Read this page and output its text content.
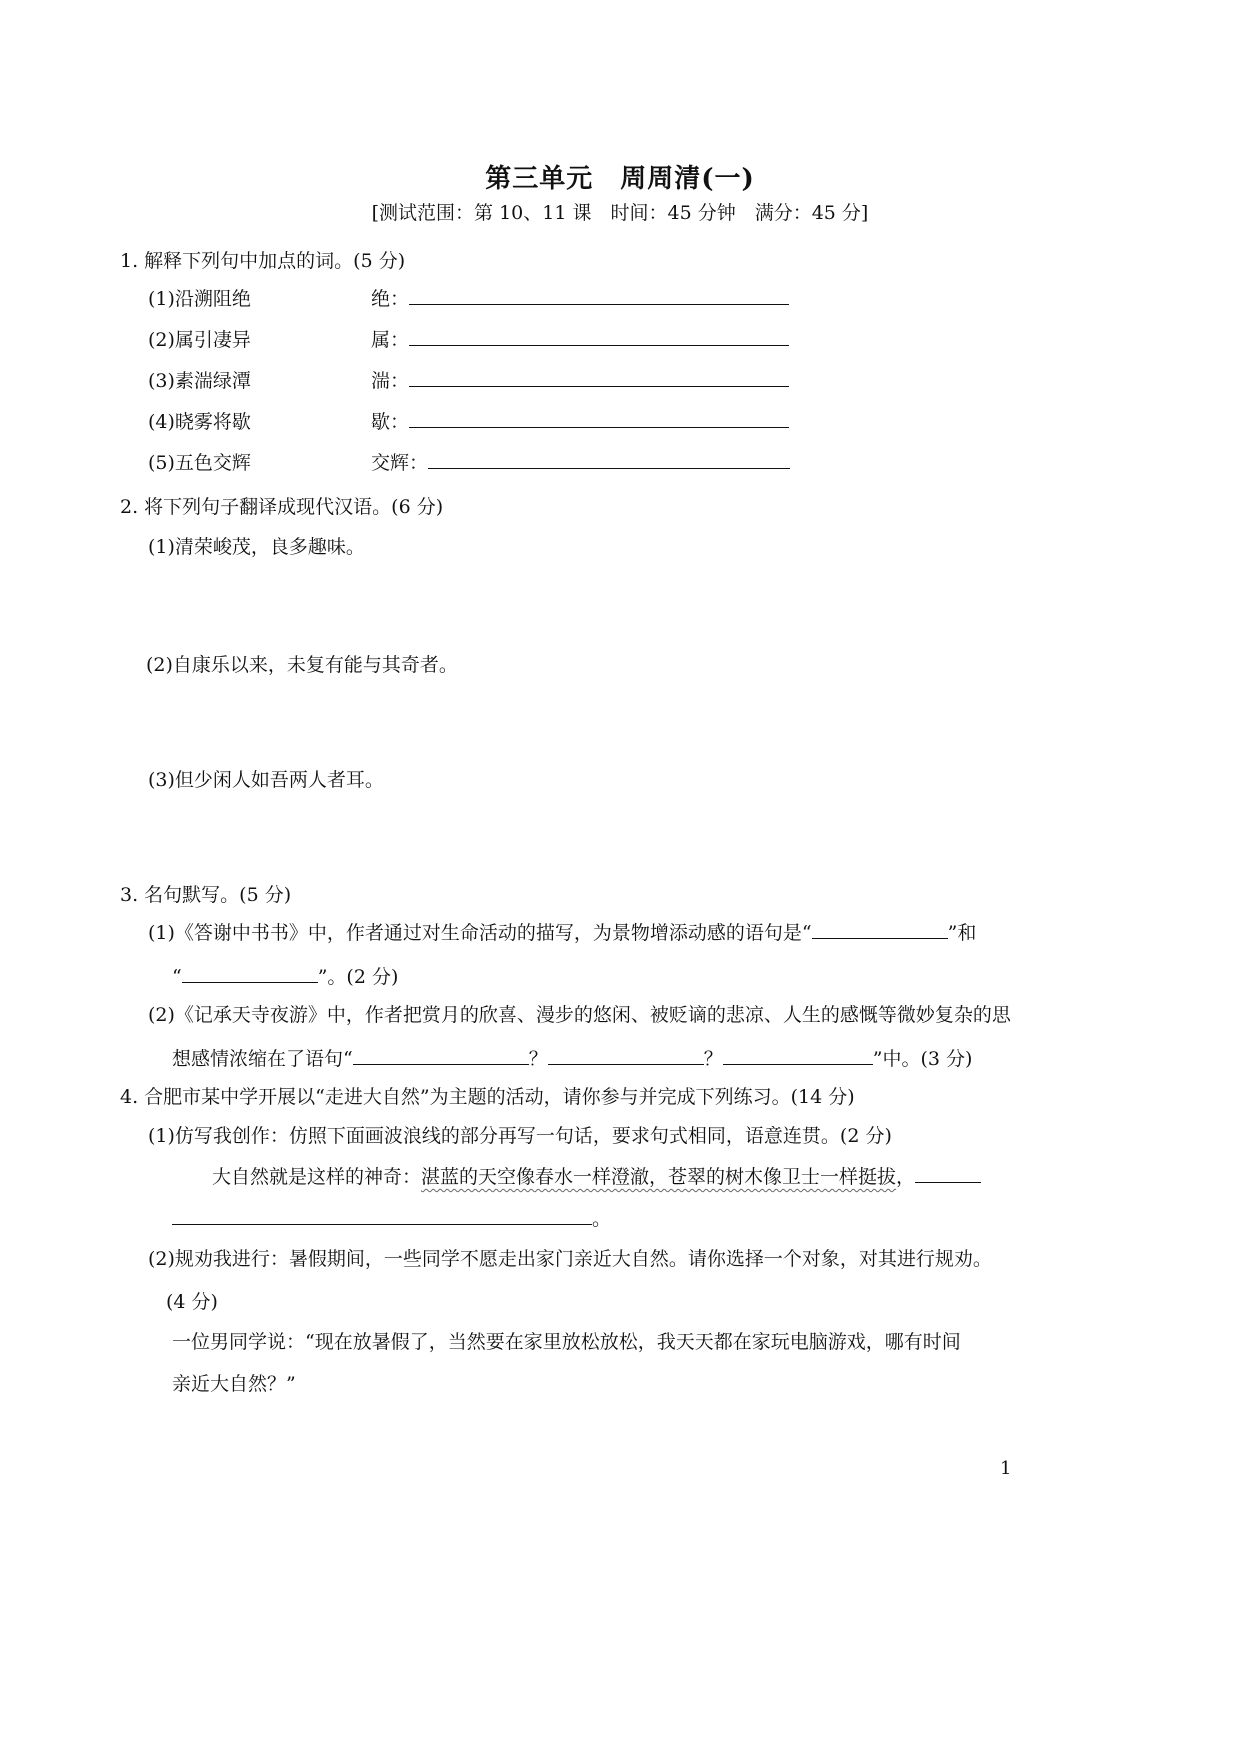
第三单元　周周清(一)
[测试范围：第 10、11 课　时间：45 分钟　满分：45 分]
1. 解释下列句中加点的词。(5 分)
(1)沿溯阻绝	绝：
(2)属引凄异	属：
(3)素湍绿潭	湍：
(4)晓雾将歇	歇：
(5)五色交辉	交辉：
2. 将下列句子翻译成现代汉语。(6 分)
(1)清荣峻茂，良多趣味。
(2)自康乐以来，未复有能与其奇者。
(3)但少闲人如吾两人者耳。
3. 名句默写。(5 分)
(1)《答谢中书书》中，作者通过对生命活动的描写，为景物增添动感的语句是“	”和
“	”。(2 分)
(2)《记承天寺夜游》中，作者把赏月的欣喜、漫步的悠闲、被贬谪的悲凉、人生的感慨等微妙复杂的思
想感情浓缩在了语句“	？	？	”中。(3 分)
4. 合肥市某中学开展以“走进大自然”为主题的活动，请你参与并完成下列练习。(14 分)
(1)仿写我创作：仿照下面画波浪线的部分再写一句话，要求句式相同，语意连贯。(2 分)
大自然就是这样的神奇：湛蓝的天空像春水一样澄澈，苍翠的树木像卫士一样挺拔，
。
(2)规劝我进行：暑假期间，一些同学不愿走出家门亲近大自然。请你选择一个对象，对其进行规劝。
(4 分)
一位男同学说：“现在放暑假了，当然要在家里放松放松，我天天都在家玩电脑游戏，哪有时间
亲近大自然？”
1
